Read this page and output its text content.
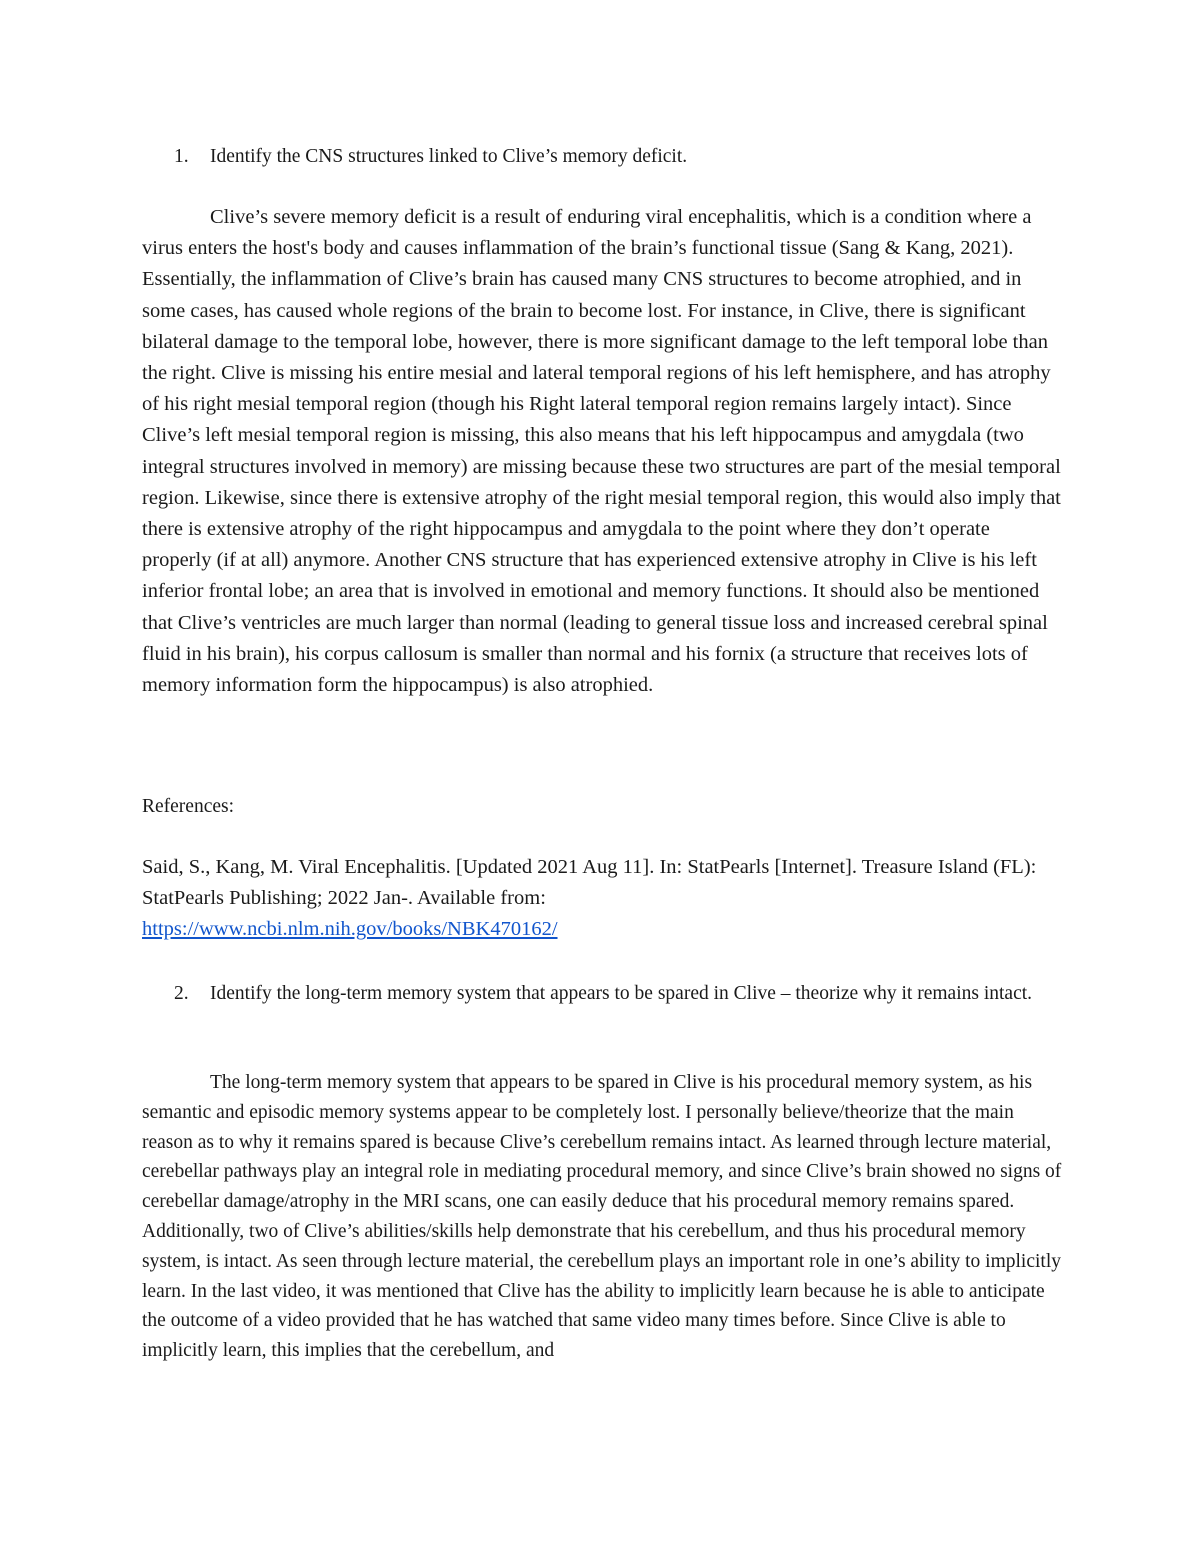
1. Identify the CNS structures linked to Clive’s memory deficit.

Clive’s severe memory deficit is a result of enduring viral encephalitis, which is a condition where a virus enters the host's body and causes inflammation of the brain’s functional tissue (Sang & Kang, 2021). Essentially, the inflammation of Clive’s brain has caused many CNS structures to become atrophied, and in some cases, has caused whole regions of the brain to become lost. For instance, in Clive, there is significant bilateral damage to the temporal lobe, however, there is more significant damage to the left temporal lobe than the right. Clive is missing his entire mesial and lateral temporal regions of his left hemisphere, and has atrophy of his right mesial temporal region (though his Right lateral temporal region remains largely intact). Since Clive’s left mesial temporal region is missing, this also means that his left hippocampus and amygdala (two integral structures involved in memory) are missing because these two structures are part of the mesial temporal region. Likewise, since there is extensive atrophy of the right mesial temporal region, this would also imply that there is extensive atrophy of the right hippocampus and amygdala to the point where they don’t operate properly (if at all) anymore. Another CNS structure that has experienced extensive atrophy in Clive is his left inferior frontal lobe; an area that is involved in emotional and memory functions. It should also be mentioned that Clive’s ventricles are much larger than normal (leading to general tissue loss and increased cerebral spinal fluid in his brain), his corpus callosum is smaller than normal and his fornix (a structure that receives lots of memory information form the hippocampus) is also atrophied.

References:

Said, S., Kang, M. Viral Encephalitis. [Updated 2021 Aug 11]. In: StatPearls [Internet]. Treasure Island (FL): StatPearls Publishing; 2022 Jan-. Available from:
https://www.ncbi.nlm.nih.gov/books/NBK470162/

2. Identify the long-term memory system that appears to be spared in Clive – theorize why it remains intact.

The long-term memory system that appears to be spared in Clive is his procedural memory system, as his semantic and episodic memory systems appear to be completely lost. I personally believe/theorize that the main reason as to why it remains spared is because Clive’s cerebellum remains intact. As learned through lecture material, cerebellar pathways play an integral role in mediating procedural memory, and since Clive’s brain showed no signs of cerebellar damage/atrophy in the MRI scans, one can easily deduce that his procedural memory remains spared. Additionally, two of Clive’s abilities/skills help demonstrate that his cerebellum, and thus his procedural memory system, is intact. As seen through lecture material, the cerebellum plays an important role in one’s ability to implicitly learn. In the last video, it was mentioned that Clive has the ability to implicitly learn because he is able to anticipate the outcome of a video provided that he has watched that same video many times before. Since Clive is able to implicitly learn, this implies that the cerebellum, and
